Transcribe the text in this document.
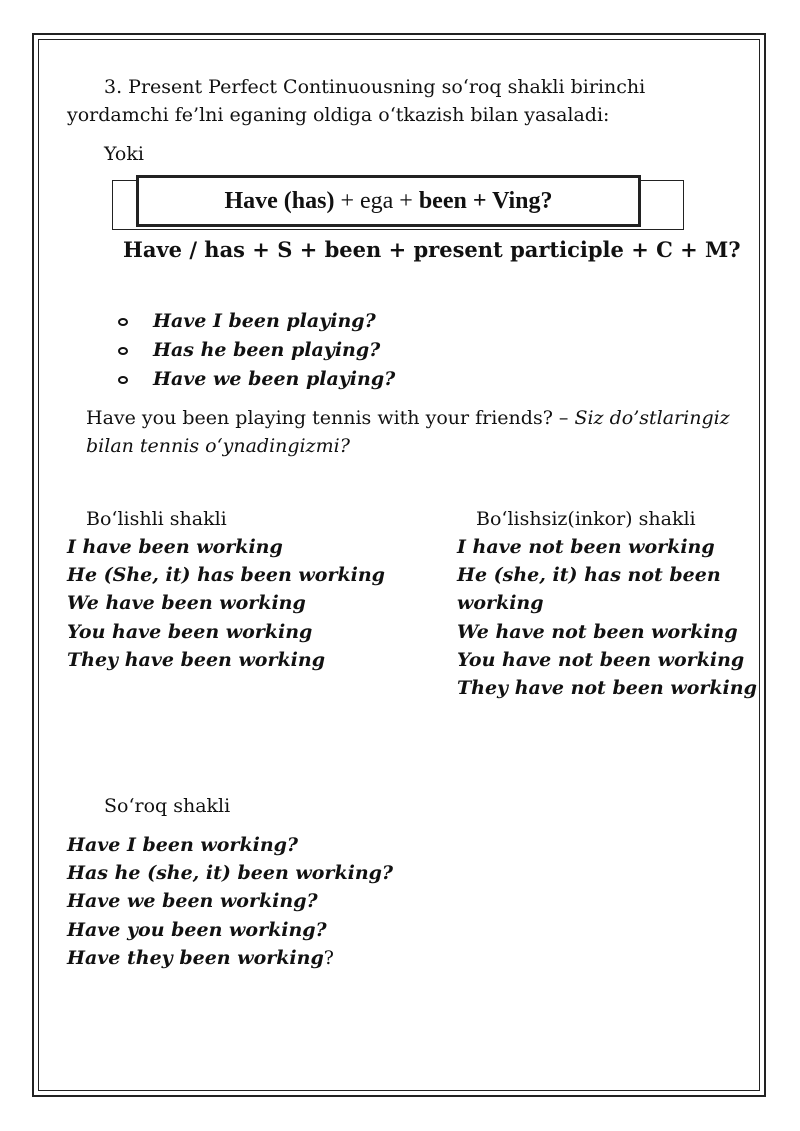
3. Present Perfect Continuousning so‘roq shakli birinchi
yordamchi fe’lni eganing oldiga o‘tkazish bilan yasaladi:
Yoki
Have (has) + ega + been + Ving?
Have / has + S + been + present participle + C + M?
Have I been playing?
Has he been playing?
Have we been playing?
Have you been playing tennis with your friends? – Siz do’stlaringiz
bilan tennis o‘ynadingizmi?
Bo‘lishli shakli
I have been working
He (She, it) has been working
We have been working
You have been working
They have been working
Bo‘lishsiz(inkor) shakli
I have not been working
He (she, it) has not been
working
We have not been working
You have not been working
They have not been working
So‘roq shakli
Have I been working?
Has he (she, it) been working?
Have we been working?
Have you been working?
Have they been working?
